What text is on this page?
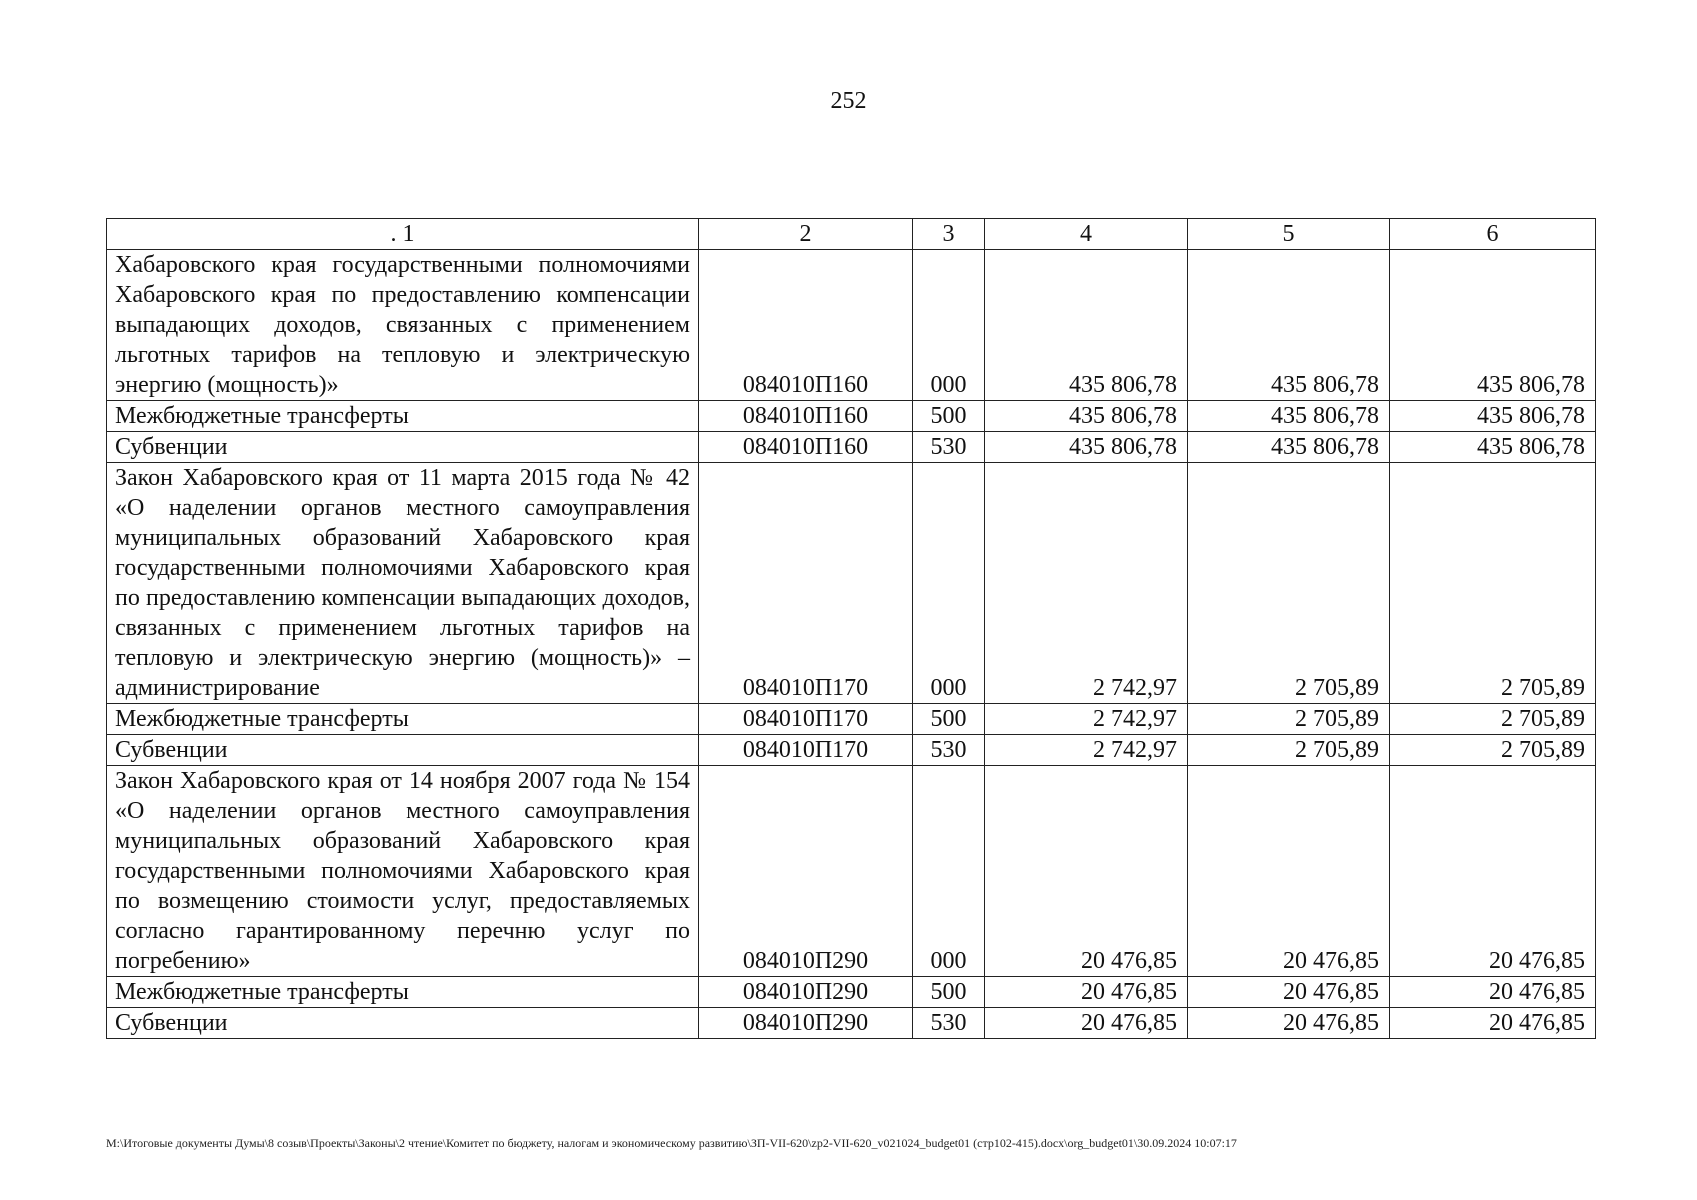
252
. 1	2	3	4	5	6
Хабаровского края государственными полномочиями Хабаровского края по предоставлению компенсации выпадающих доходов, связанных с применением льготных тарифов на тепловую и электрическую энергию (мощность)»	084010П160	000	435 806,78	435 806,78	435 806,78
Межбюджетные трансферты	084010П160	500	435 806,78	435 806,78	435 806,78
Субвенции	084010П160	530	435 806,78	435 806,78	435 806,78
Закон Хабаровского края от 11 марта 2015 года № 42 «О наделении органов местного самоуправления муниципальных образований Хабаровского края государственными полномочиями Хабаровского края по предоставлению компенсации выпадающих доходов, связанных с применением льготных тарифов на тепловую и электрическую энергию (мощность)» – администрирование	084010П170	000	2 742,97	2 705,89	2 705,89
Межбюджетные трансферты	084010П170	500	2 742,97	2 705,89	2 705,89
Субвенции	084010П170	530	2 742,97	2 705,89	2 705,89
Закон Хабаровского края от 14 ноября 2007 года № 154 «О наделении органов местного самоуправления муниципальных образований Хабаровского края государственными полномочиями Хабаровского края по возмещению стоимости услуг, предоставляемых согласно гарантированному перечню услуг по погребению»	084010П290	000	20 476,85	20 476,85	20 476,85
Межбюджетные трансферты	084010П290	500	20 476,85	20 476,85	20 476,85
Субвенции	084010П290	530	20 476,85	20 476,85	20 476,85
M:\Итоговые документы Думы\8 созыв\Проекты\Законы\2 чтение\Комитет по бюджету, налогам и экономическому развитию\ЗП-VII-620\zp2-VII-620_v021024_budget01 (стр102-415).docx\org_budget01\30.09.2024 10:07:17
